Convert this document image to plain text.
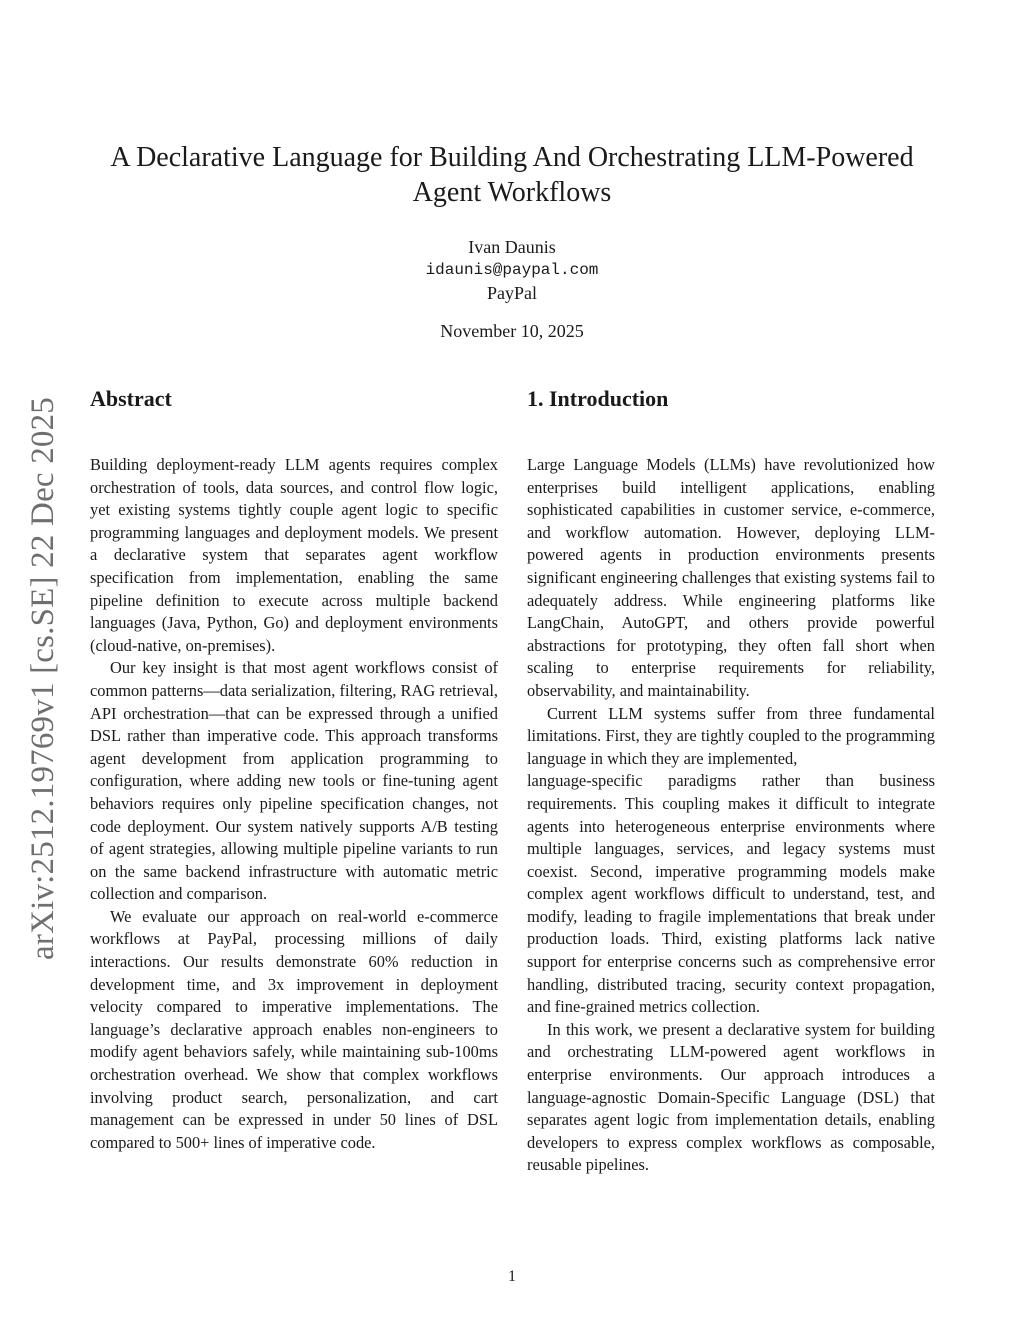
arXiv:2512.19769v1 [cs.SE] 22 Dec 2025
A Declarative Language for Building And Orchestrating LLM-Powered Agent Workflows
Ivan Daunis
idaunis@paypal.com
PayPal
November 10, 2025
Abstract

Building deployment-ready LLM agents requires complex orchestration of tools, data sources, and control flow logic, yet existing systems tightly couple agent logic to specific programming languages and deployment models. We present a declarative system that separates agent workflow specification from implementation, enabling the same pipeline definition to execute across multiple backend languages (Java, Python, Go) and deployment environments (cloud-native, on-premises).

Our key insight is that most agent workflows consist of common patterns—data serialization, filtering, RAG retrieval, API orchestration—that can be expressed through a unified DSL rather than imperative code. This approach transforms agent development from application programming to configuration, where adding new tools or fine-tuning agent behaviors requires only pipeline specification changes, not code deployment. Our system natively supports A/B testing of agent strategies, allowing multiple pipeline variants to run on the same backend infrastructure with automatic metric collection and comparison.

We evaluate our approach on real-world e-commerce workflows at PayPal, processing millions of daily interactions. Our results demonstrate 60% reduction in development time, and 3x improvement in deployment velocity compared to imperative implementations. The language’s declarative approach enables non-engineers to modify agent behaviors safely, while maintaining sub-100ms orchestration overhead. We show that complex workflows involving product search, personalization, and cart management can be expressed in under 50 lines of DSL compared to 500+ lines of imperative code.

1. Introduction

Large Language Models (LLMs) have revolutionized how enterprises build intelligent applications, enabling sophisticated capabilities in customer service, e-commerce, and workflow automation. However, deploying LLM-powered agents in production environments presents significant engineering challenges that existing systems fail to adequately address. While engineering platforms like LangChain, AutoGPT, and others provide powerful abstractions for prototyping, they often fall short when scaling to enterprise requirements for reliability, observability, and maintainability.

Current LLM systems suffer from three fundamental limitations. First, they are tightly coupled to the programming language in which they are implemented,

language-specific paradigms rather than business requirements. This coupling makes it difficult to integrate agents into heterogeneous enterprise environments where multiple languages, services, and legacy systems must coexist. Second, imperative programming models make complex agent workflows difficult to understand, test, and modify, leading to fragile implementations that break under production loads. Third, existing platforms lack native support for enterprise concerns such as comprehensive error handling, distributed tracing, security context propagation, and fine-grained metrics collection.

In this work, we present a declarative system for building and orchestrating LLM-powered agent workflows in enterprise environments. Our approach introduces a language-agnostic Domain-Specific Language (DSL) that separates agent logic from implementation details, enabling developers to express complex workflows as composable, reusable pipelines.

1
